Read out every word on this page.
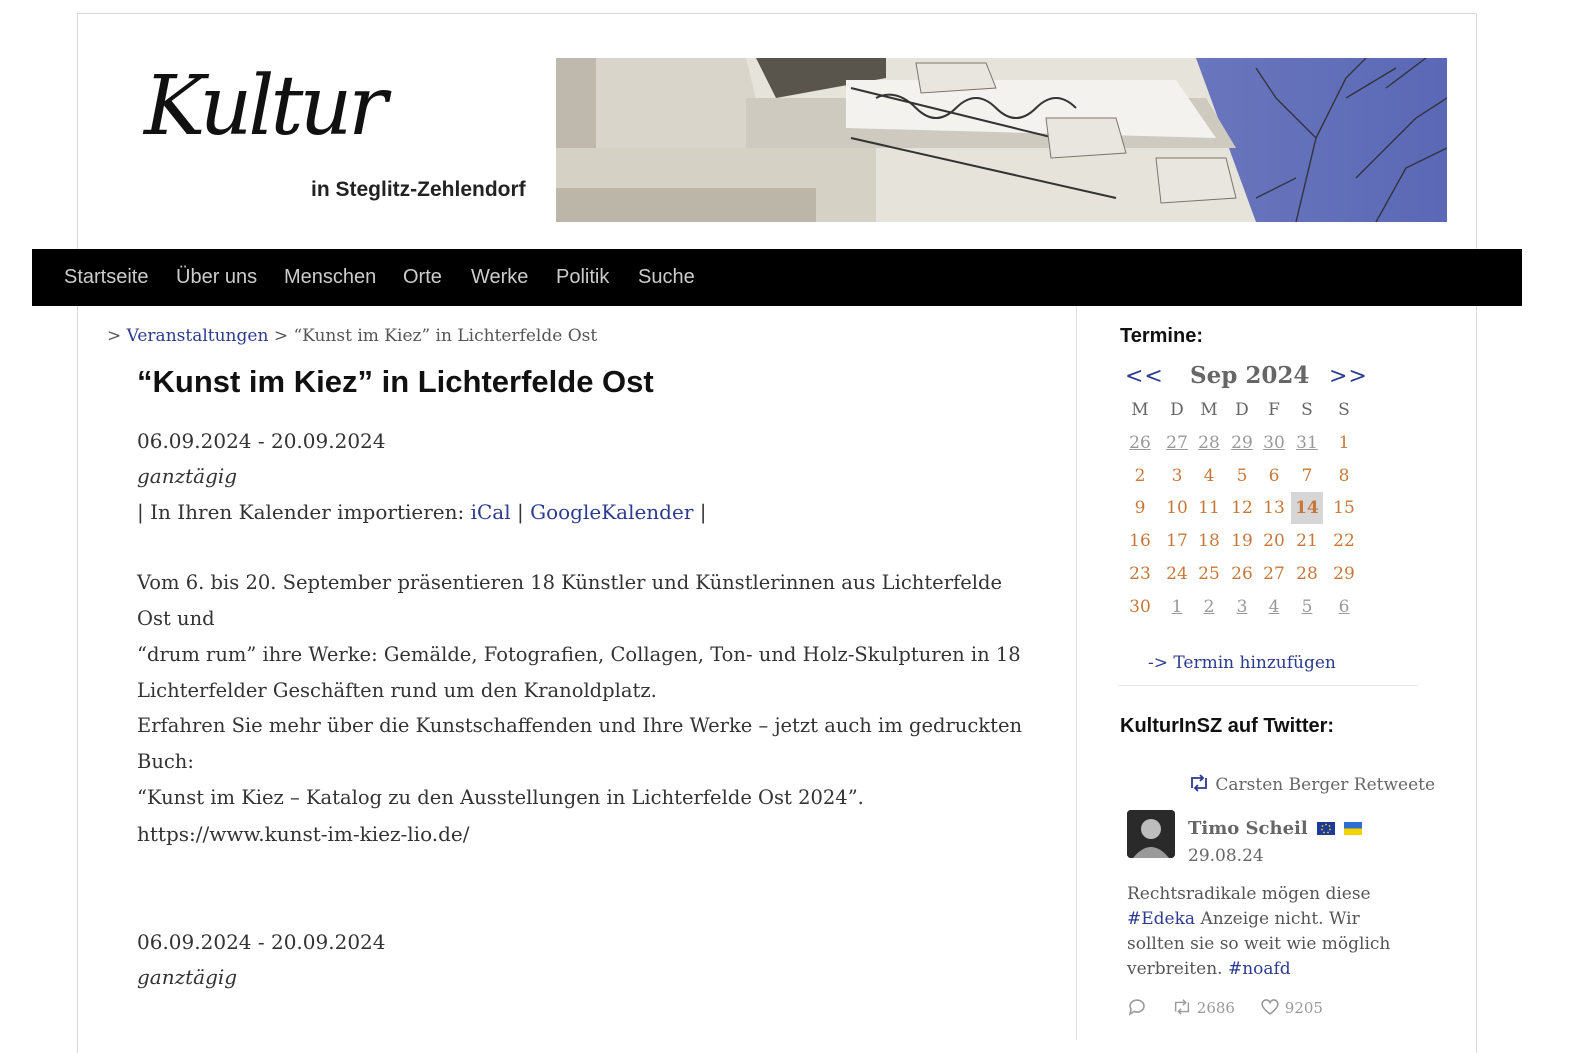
Kultur
in Steglitz-Zehlendorf
Startseite Über uns Menschen Orte Werke Politik Suche
> Veranstaltungen > “Kunst im Kiez” in Lichterfelde Ost
“Kunst im Kiez” in Lichterfelde Ost
06.09.2024 - 20.09.2024
ganztägig
| In Ihren Kalender importieren: iCal | GoogleKalender |
Vom 6. bis 20. September präsentieren 18 Künstler und Künstlerinnen aus Lichterfelde Ost und
“drum rum” ihre Werke: Gemälde, Fotografien, Collagen, Ton- und Holz-Skulpturen in 18
Lichterfelder Geschäften rund um den Kranoldplatz.
Erfahren Sie mehr über die Kunstschaffenden und Ihre Werke – jetzt auch im gedruckten Buch:
“Kunst im Kiez – Katalog zu den Ausstellungen in Lichterfelde Ost 2024”.
https://www.kunst-im-kiez-lio.de/
06.09.2024 - 20.09.2024
ganztägig
Termine:
<< Sep 2024 >>
M	D M	D	F	S	S
26 27 28 29 30 31	1
2	3	4	5	6	7	8
9	10 11 12 13 14 15
16 17 18 19 20 21 22
23 24 25 26 27 28 29
30	1	2	3	4	5	6
-> Termin hinzufügen
KulturInSZ auf Twitter:
Carsten Berger Retweete
Timo Scheil
29.08.24
Rechtsradikale mögen diese #Edeka Anzeige nicht. Wir sollten sie so weit wie möglich verbreiten. #noafd
2686	9205
